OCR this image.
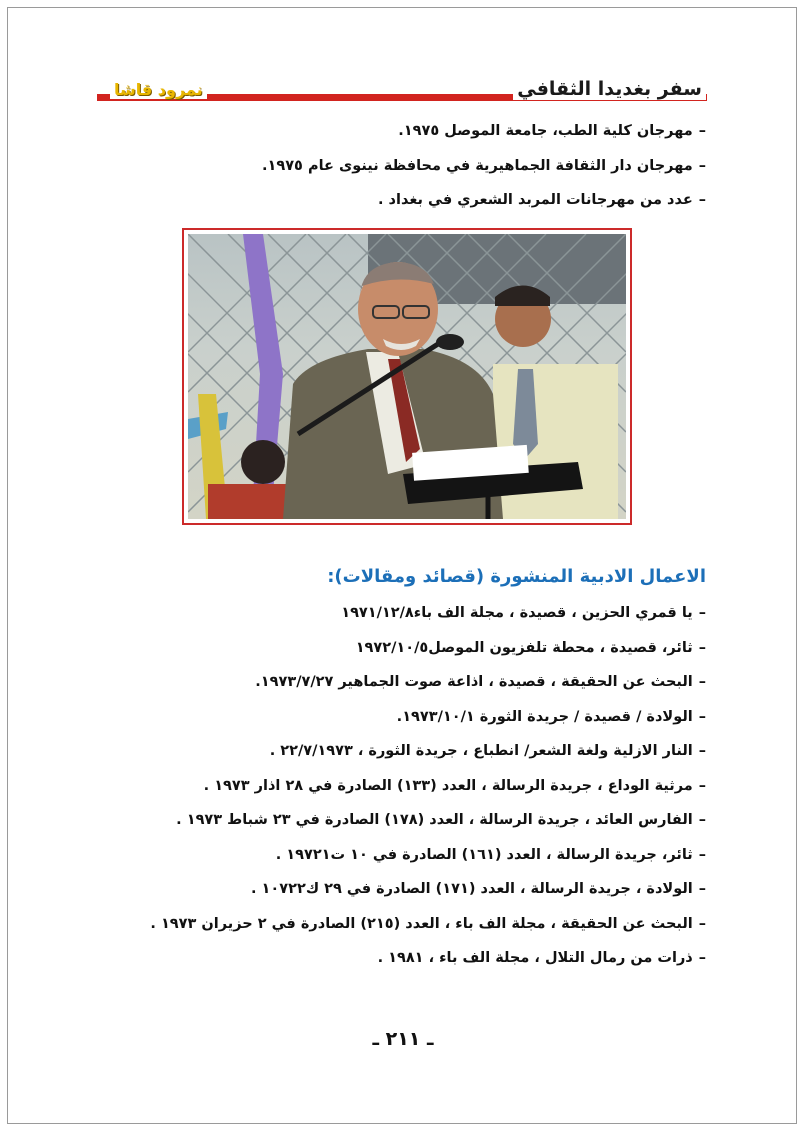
سفر بغديدا الثقافي
نمرود قاشا
–مهرجان كلية الطب، جامعة الموصل ١٩٧٥.
–مهرجان دار الثقافة الجماهيرية في محافظة نينوى عام ١٩٧٥.
–عدد من مهرجانات المربد الشعري في بغداد .
الاعمال الادبية المنشورة (قصائد ومقالات):
–يا قمري الحزين ، قصيدة ، مجلة الف باء١٩٧١/١٢/٨
–ثائر، قصيدة ، محطة تلفزيون الموصل١٩٧٢/١٠/٥
–البحث عن الحقيقة ، قصيدة ، اذاعة صوت الجماهير ١٩٧٣/٧/٢٧.
–الولادة / قصيدة / جريدة الثورة ١٩٧٣/١٠/١.
–النار الازلية ولغة الشعر/ انطباع ، جريدة الثورة ، ٢٢/٧/١٩٧٣ .
–مرثية الوداع ، جريدة الرسالة ، العدد (١٣٣) الصادرة في ٢٨ اذار ١٩٧٣ .
–الفارس العائد ، جريدة الرسالة ، العدد (١٧٨) الصادرة في ٢٣ شباط ١٩٧٣ .
–ثائر، جريدة الرسالة ، العدد (١٦١) الصادرة في ١٠ ت١٩٧٢١ .
–الولادة ، جريدة الرسالة ، العدد (١٧١) الصادرة في ٢٩ ك١٠٧٢٢ .
–البحث عن الحقيقة ، مجلة الف باء ، العدد (٢١٥) الصادرة في ٢ حزيران ١٩٧٣ .
–ذرات من رمال التلال ، مجلة الف باء ، ١٩٨١ .
ـ ٢١١ ـ
